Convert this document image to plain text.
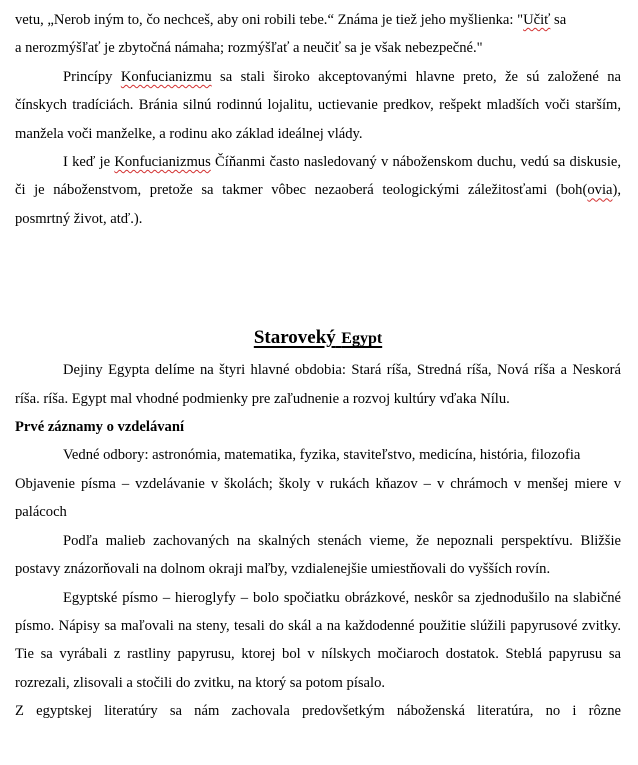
vetu, „Nerob iným to, čo nechceš, aby oni robili tebe.“ Známa je tiež jeho myšlienka: "Učiť sa
a nerozmýšľať je zbytočná námaha; rozmýšľať a neučiť sa je však nebezpečné."

Princípy Konfucianizmu sa stali široko akceptovanými hlavne preto, že sú založené na čínskych tradíciách. Bránia silnú rodinnú lojalitu, uctievanie predkov, rešpekt mladších voči starším, manžela voči manželke, a rodinu ako základ ideálnej vlády.

I keď je Konfucianizmus Číňanmi často nasledovaný v náboženskom duchu, vedú sa diskusie, či je náboženstvom, pretože sa takmer vôbec nezaoberá teologickými záležitosťami (boh(ovia), posmrtný život, atď.).

Staroveký Egypt

Dejiny Egypta delíme na štyri hlavné obdobia: Stará ríša, Stredná ríša, Nová ríša a Neskorá ríša. ríša. Egypt mal vhodné podmienky pre zaľudnenie a rozvoj kultúry vďaka Nílu.

Prvé záznamy o vzdelávaní

Vedné odbory: astronómia, matematika, fyzika, staviteľstvo, medicína, história, filozofia

Objavenie písma – vzdelávanie v školách; školy v rukách kňazov – v chrámoch v menšej miere v palácoch

Podľa malieb zachovaných na skalných stenách vieme, že nepoznali perspektívu. Bližšie postavy znázorňovali na dolnom okraji maľby, vzdialenejšie umiestňovali do vyšších rovín.

Egyptské písmo – hieroglyfy – bolo spočiatku obrázkové, neskôr sa zjednodušilo na slabičné písmo. Nápisy sa maľovali na steny, tesali do skál a na každodenné použitie slúžili papyrusové zvitky. Tie sa vyrábali z rastliny papyrusu, ktorej bol v nílskych močiaroch dostatok. Steblá papyrusu sa rozrezali, zlisovali a stočili do zvitku, na ktorý sa potom písalo.

Z egyptskej literatúry sa nám zachovala predovšetkým náboženská literatúra, no i rôzne
